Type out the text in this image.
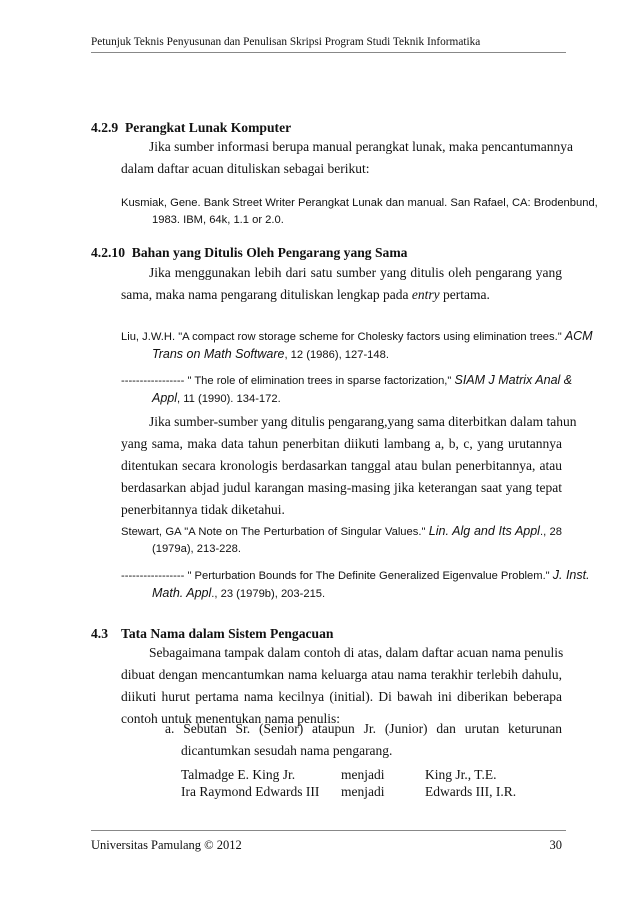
Petunjuk Teknis Penyusunan dan Penulisan Skripsi Program Studi Teknik Informatika
4.2.9 Perangkat Lunak Komputer
Jika sumber informasi berupa manual perangkat lunak, maka pencantumannya
dalam daftar acuan dituliskan sebagai berikut:
Kusmiak, Gene. Bank Street Writer Perangkat Lunak dan manual. San Rafael, CA: Brodenbund,
1983. IBM, 64k, 1.1 or 2.0.
4.2.10 Bahan yang Ditulis Oleh Pengarang yang Sama
Jika menggunakan lebih dari satu sumber yang ditulis oleh pengarang yang
sama, maka nama pengarang dituliskan lengkap pada entry pertama.
Liu, J.W.H. "A compact row storage scheme for Cholesky factors using elimination trees." ACM
Trans on Math Software, 12 (1986), 127-148.
----------------- " The role of elimination trees in sparse factorization," SIAM J Matrix Anal &
Appl, 11 (1990). 134-172.
Jika sumber-sumber yang ditulis pengarang,yang sama diterbitkan dalam tahun
yang sama, maka data tahun penerbitan diikuti lambang a, b, c, yang urutannya
ditentukan secara kronologis berdasarkan tanggal atau bulan penerbitannya, atau
berdasarkan abjad judul karangan masing-masing jika keterangan saat yang tepat
penerbitannya tidak diketahui.
Stewart, GA "A Note on The Perturbation of Singular Values." Lin. Alg and Its Appl., 28
(1979a), 213-228.
----------------- " Perturbation Bounds for The Definite Generalized Eigenvalue Problem." J. Inst.
Math. Appl., 23 (1979b), 203-215.
4.3 Tata Nama dalam Sistem Pengacuan
Sebagaimana tampak dalam contoh di atas, dalam daftar acuan nama penulis
dibuat dengan mencantumkan nama keluarga atau nama terakhir terlebih dahulu,
diikuti hurut pertama nama kecilnya (initial). Di bawah ini diberikan beberapa
contoh untuk menentukan nama penulis:
a. Sebutan Sr. (Senior) ataupun Jr. (Junior) dan urutan keturunan
dicantumkan sesudah nama pengarang.
Talmadge E. King Jr.	menjadi	King Jr., T.E.
Ira Raymond Edwards III menjadi	Edwards III, I.R.
Universitas Pamulang © 2012	30
